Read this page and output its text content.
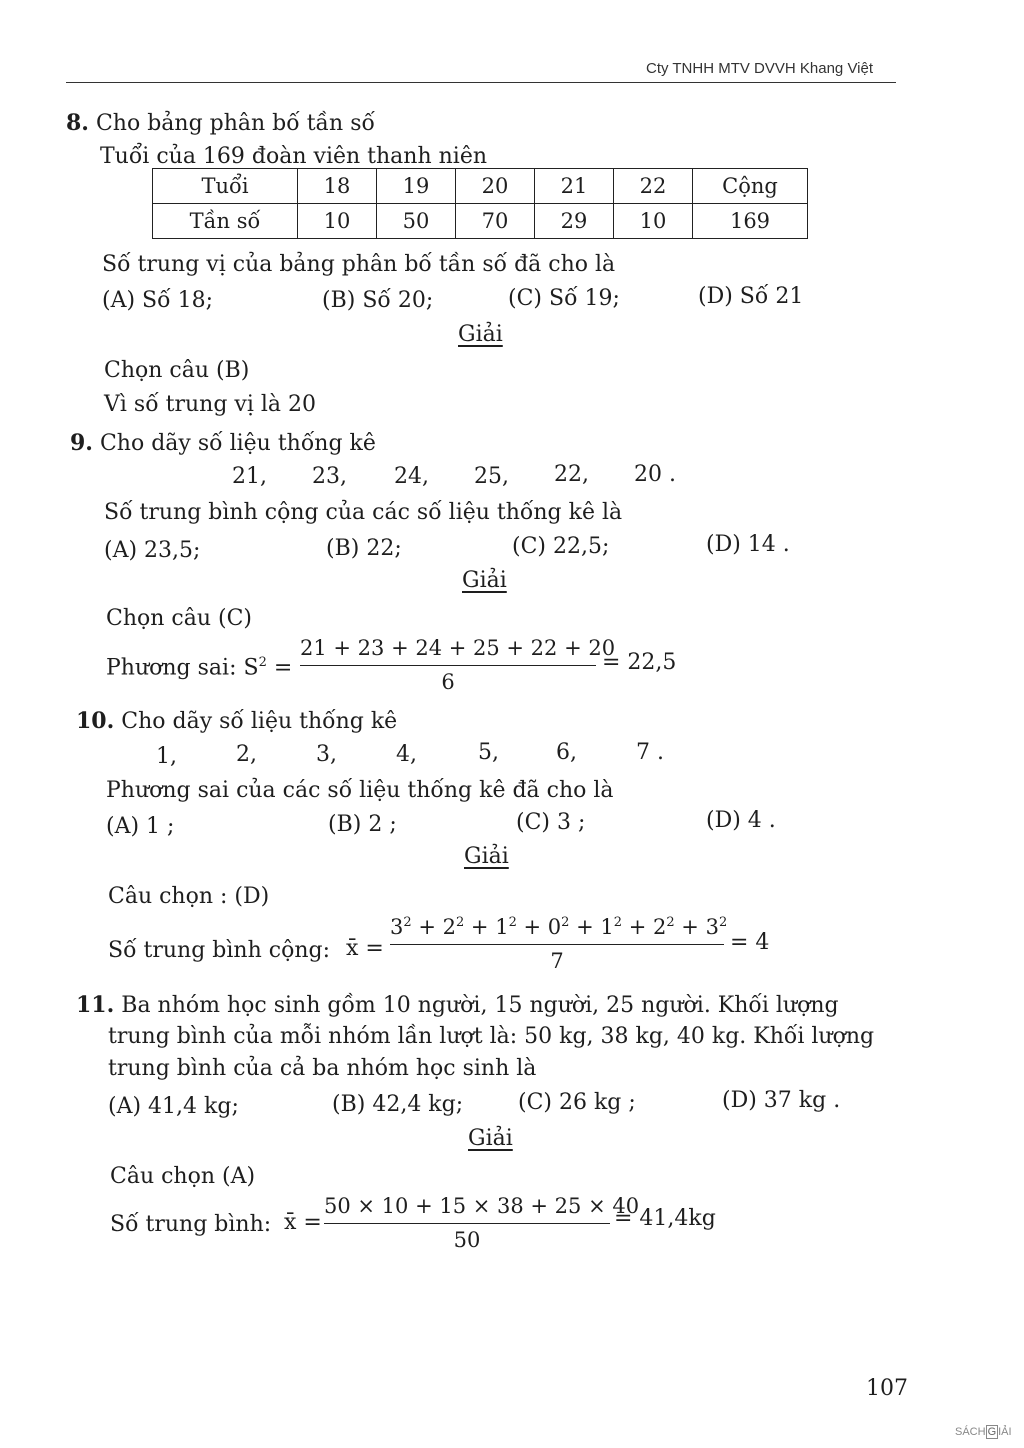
Cty TNHH MTV DVVH Khang Việt
8. Cho bảng phân bố tần số
Tuổi của 169 đoàn viên thanh niên
Tuổi	18	19	20	21	22	Cộng
Tần số	10	50	70	29	10	169
Số trung vị của bảng phân bố tần số đã cho là
(A) Số 18;	(B) Số 20;	(C) Số 19;	(D) Số 21
Giải
Chọn câu (B)
Vì số trung vị là 20
9. Cho dãy số liệu thống kê
21, 23, 24, 25, 22, 20 .
Số trung bình cộng của các số liệu thống kê là
(A) 23,5;	(B) 22;	(C) 22,5;	(D) 14 .
Giải
Chọn câu (C)
Phương sai: $S^2$ =
21 + 23 + 24 + 25 + 22 + 20
6
= 22,5
10. Cho dãy số liệu thống kê
1,	2,	3,	4,	5,	6,	7 .
Phương sai của các số liệu thống kê đã cho là
(A) 1 ;	(B) 2 ;	(C) 3 ;	(D) 4 .
Giải
Câu chọn : (D)
Số trung bình cộng: x̄ =
$3^2 + 2^2 + 1^2 + 0^2 + 1^2 + 2^2 + 3^2$
7
= 4
11. Ba nhóm học sinh gồm 10 người, 15 người, 25 người. Khối lượng
trung bình của mỗi nhóm lần lượt là: 50 kg, 38 kg, 40 kg. Khối lượng
trung bình của cả ba nhóm học sinh là
(A) 41,4 kg;	(B) 42,4 kg; (C) 26 kg ;	(D) 37 kg .
Giải
Câu chọn (A)
Số trung bình: x̄ =
50 × 10 + 15 × 38 + 25 × 40
50
= 41,4kg
107
SÁCH G IẢI
